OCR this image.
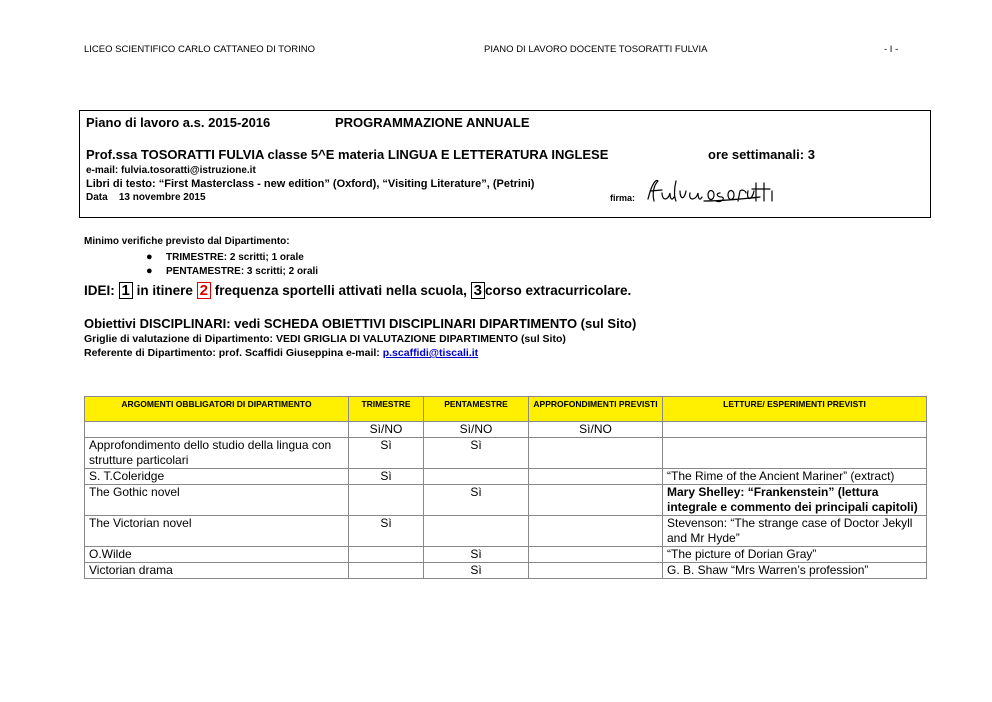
LICEO SCIENTIFICO CARLO CATTANEO DI TORINO	PIANO DI LAVORO DOCENTE TOSORATTI FULVIA	- I -
Piano di lavoro a.s. 2015-2016	PROGRAMMAZIONE ANNUALE
Prof.ssa TOSORATTI FULVIA classe 5^E materia LINGUA E LETTERATURA INGLESE	ore settimanali: 3
e-mail: fulvia.tosoratti@istruzione.it
Libri di testo: “First Masterclass - new edition” (Oxford), “Visiting Literature”, (Petrini)
Data 13 novembre 2015	firma:
Minimo verifiche previsto dal Dipartimento:
● TRIMESTRE: 2 scritti; 1 orale
● PENTAMESTRE: 3 scritti; 2 orali
IDEI: 1 in itinere 2 frequenza sportelli attivati nella scuola, 3 corso extracurricolare.
Obiettivi DISCIPLINARI: vedi SCHEDA OBIETTIVI DISCIPLINARI DIPARTIMENTO (sul Sito)
Griglie di valutazione di Dipartimento: VEDI GRIGLIA DI VALUTAZIONE DIPARTIMENTO (sul Sito)
Referente di Dipartimento: prof. Scaffidi Giuseppina e-mail: p.scaffidi@tiscali.it
ARGOMENTI OBBLIGATORI DI DIPARTIMENTO	TRIMESTRE	PENTAMESTRE	APPROFONDIMENTI PREVISTI	LETTURE/ ESPERIMENTI PREVISTI
	Sì/NO	Sì/NO	Sì/NO	
Approfondimento dello studio della lingua con strutture particolari	Sì	Sì		
S. T.Coleridge	Sì			“The Rime of the Ancient Mariner” (extract)
The Gothic novel		Sì		Mary Shelley: “Frankenstein” (lettura integrale e commento dei principali capitoli)
The Victorian novel	Sì			Stevenson: “The strange case of Doctor Jekyll and Mr Hyde”
O.Wilde		Sì		“The picture of Dorian Gray”
Victorian drama		Sì		G. B. Shaw “Mrs Warren’s profession”
